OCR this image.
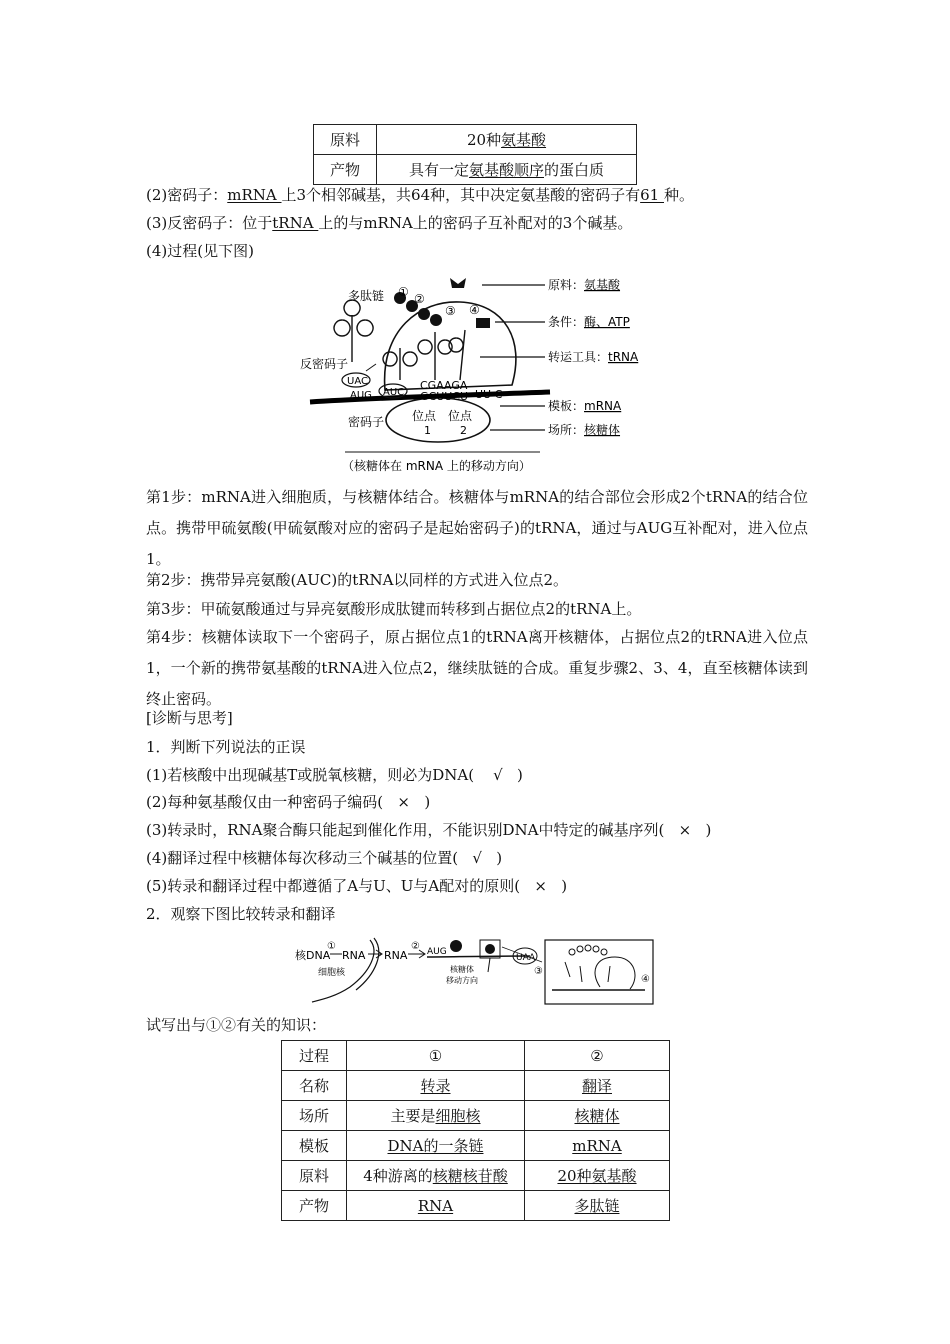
原料	20种氨基酸
产物	具有一定氨基酸顺序的蛋白质
(2)密码子：mRNA 上3个相邻碱基，共64种，其中决定氨基酸的密码子有61 种。
(3)反密码子：位于tRNA 上的与mRNA上的密码子互补配对的3个碱基。
(4)过程(见下图)
多肽链 ① ②
③ ④
反密码子
UAC
AUC
AUG
CGAAGA
GCUUCU UU C
密码子 位点
1
位点
2
原料：氨基酸
条件：酶、ATP
转运工具：tRNA
模板：mRNA
场所：核糖体
（核糖体在 mRNA 上的移动方向）
第1步：mRNA进入细胞质，与核糖体结合。核糖体与mRNA的结合部位会形成2个tRNA的结合位点。携带甲硫氨酸(甲硫氨酸对应的密码子是起始密码子)的tRNA，通过与AUG互补配对，进入位点1。
第2步：携带异亮氨酸(AUC)的tRNA以同样的方式进入位点2。
第3步：甲硫氨酸通过与异亮氨酸形成肽键而转移到占据位点2的tRNA上。
第4步：核糖体读取下一个密码子，原占据位点1的tRNA离开核糖体，占据位点2的tRNA进入位点1，一个新的携带氨基酸的tRNA进入位点2，继续肽链的合成。重复步骤2、3、4，直至核糖体读到终止密码。
[诊断与思考]
1．判断下列说法的正误
(1)若核酸中出现碱基T或脱氧核糖，则必为DNA( √ )
(2)每种氨基酸仅由一种密码子编码( × )
(3)转录时，RNA聚合酶只能起到催化作用，不能识别DNA中特定的碱基序列( × )
(4)翻译过程中核糖体每次移动三个碱基的位置( √ )
(5)转录和翻译过程中都遵循了A与U、U与A配对的原则( × )
2．观察下图比较转录和翻译
核DNA
①
RNA RNA
②
细胞核
AUG
UAA
核糖体
移动方向
③
④
试写出与①②有关的知识：
过程	①	②
名称	转录	翻译
场所	主要是细胞核	核糖体
模板	DNA的一条链	mRNA
原料	4种游离的核糖核苷酸	20种氨基酸
产物	RNA	多肽链
